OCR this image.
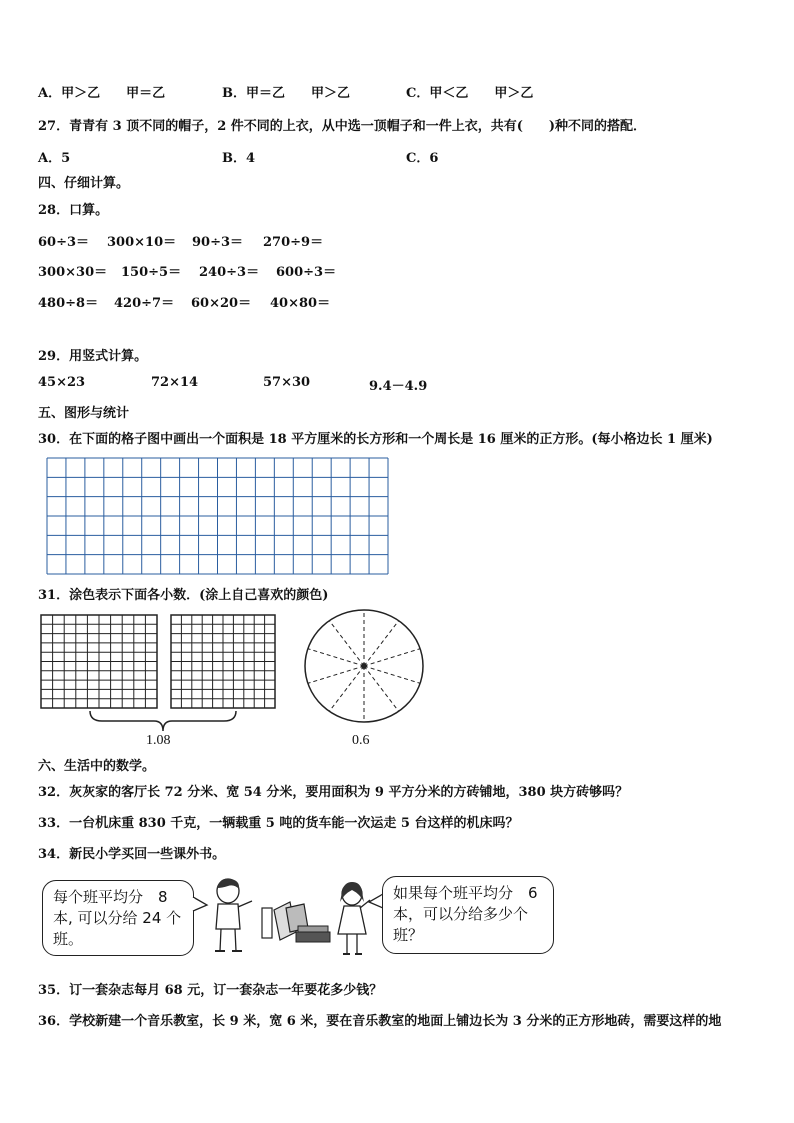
A．甲＞乙　　甲＝乙	B．甲＝乙　　甲＞乙	C．甲＜乙　　甲＞乙
27．青青有 3 顶不同的帽子，2 件不同的上衣，从中选一顶帽子和一件上衣，共有(　　)种不同的搭配．
A．5	B．4	C．6
四、仔细计算。
28．口算。
60÷3＝ 300×10＝ 90÷3＝ 270÷9＝
300×30＝ 150÷5＝ 240÷3＝ 600÷3＝
480÷8＝ 420÷7＝ 60×20＝ 40×80＝
29．用竖式计算。
45×23	72×14	57×30	9.4－4.9
五、图形与统计
30．在下面的格子图中画出一个面积是 18 平方厘米的长方形和一个周长是 16 厘米的正方形。(每小格边长 1 厘米)
31．涂色表示下面各小数．(涂上自己喜欢的颜色)
1.08	0.6
六、生活中的数学。
32．灰灰家的客厅长 72 分米、宽 54 分米，要用面积为 9 平方分米的方砖铺地，380 块方砖够吗？
33．一台机床重 830 千克，一辆载重 5 吨的货车能一次运走 5 台这样的机床吗？
34．新民小学买回一些课外书。
每个班平均分　8
本, 可以分给 24 个
班。
如果每个班平均分　6
本，可以分给多少个
班？
35．订一套杂志每月 68 元，订一套杂志一年要花多少钱？
36．学校新建一个音乐教室，长 9 米，宽 6 米，要在音乐教室的地面上铺边长为 3 分米的正方形地砖，需要这样的地
